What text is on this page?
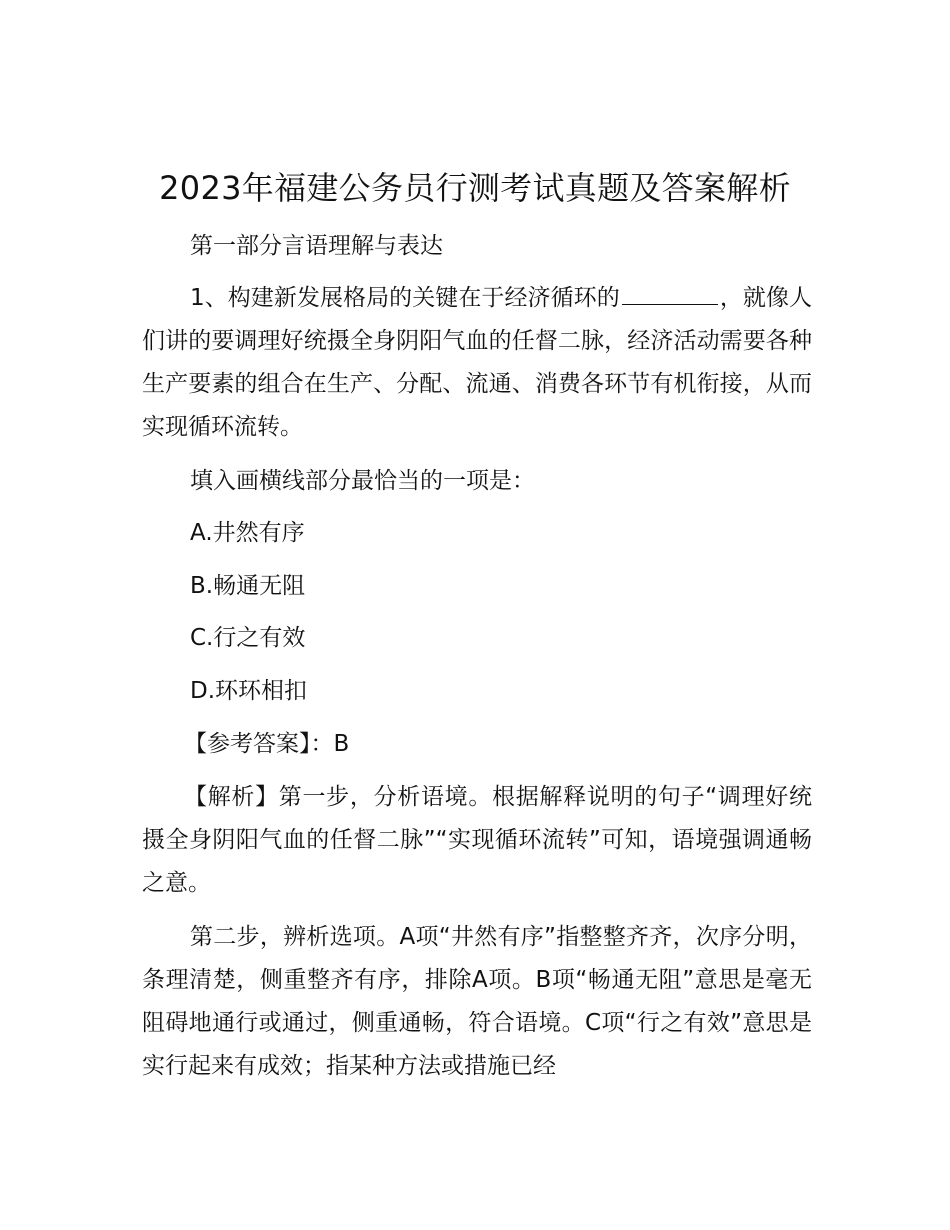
2023年福建公务员行测考试真题及答案解析

第一部分言语理解与表达

1、构建新发展格局的关键在于经济循环的	，就像人们讲的要调理好统摄全身阴阳气血的任督二脉，经济活动需要各种生产要素的组合在生产、分配、流通、消费各环节有机衔接，从而实现循环流转。

填入画横线部分最恰当的一项是：

A.井然有序

B.畅通无阻

C.行之有效

D.环环相扣

【参考答案】：B

【解析】第一步，分析语境。根据解释说明的句子“调理好统摄全身阴阳气血的任督二脉”“实现循环流转”可知，语境强调通畅之意。

第二步，辨析选项。A项“井然有序”指整整齐齐，次序分明，条理清楚，侧重整齐有序，排除A项。B项“畅通无阻”意思是毫无阻碍地通行或通过，侧重通畅，符合语境。C项“行之有效”意思是实行起来有成效；指某种方法或措施已经
